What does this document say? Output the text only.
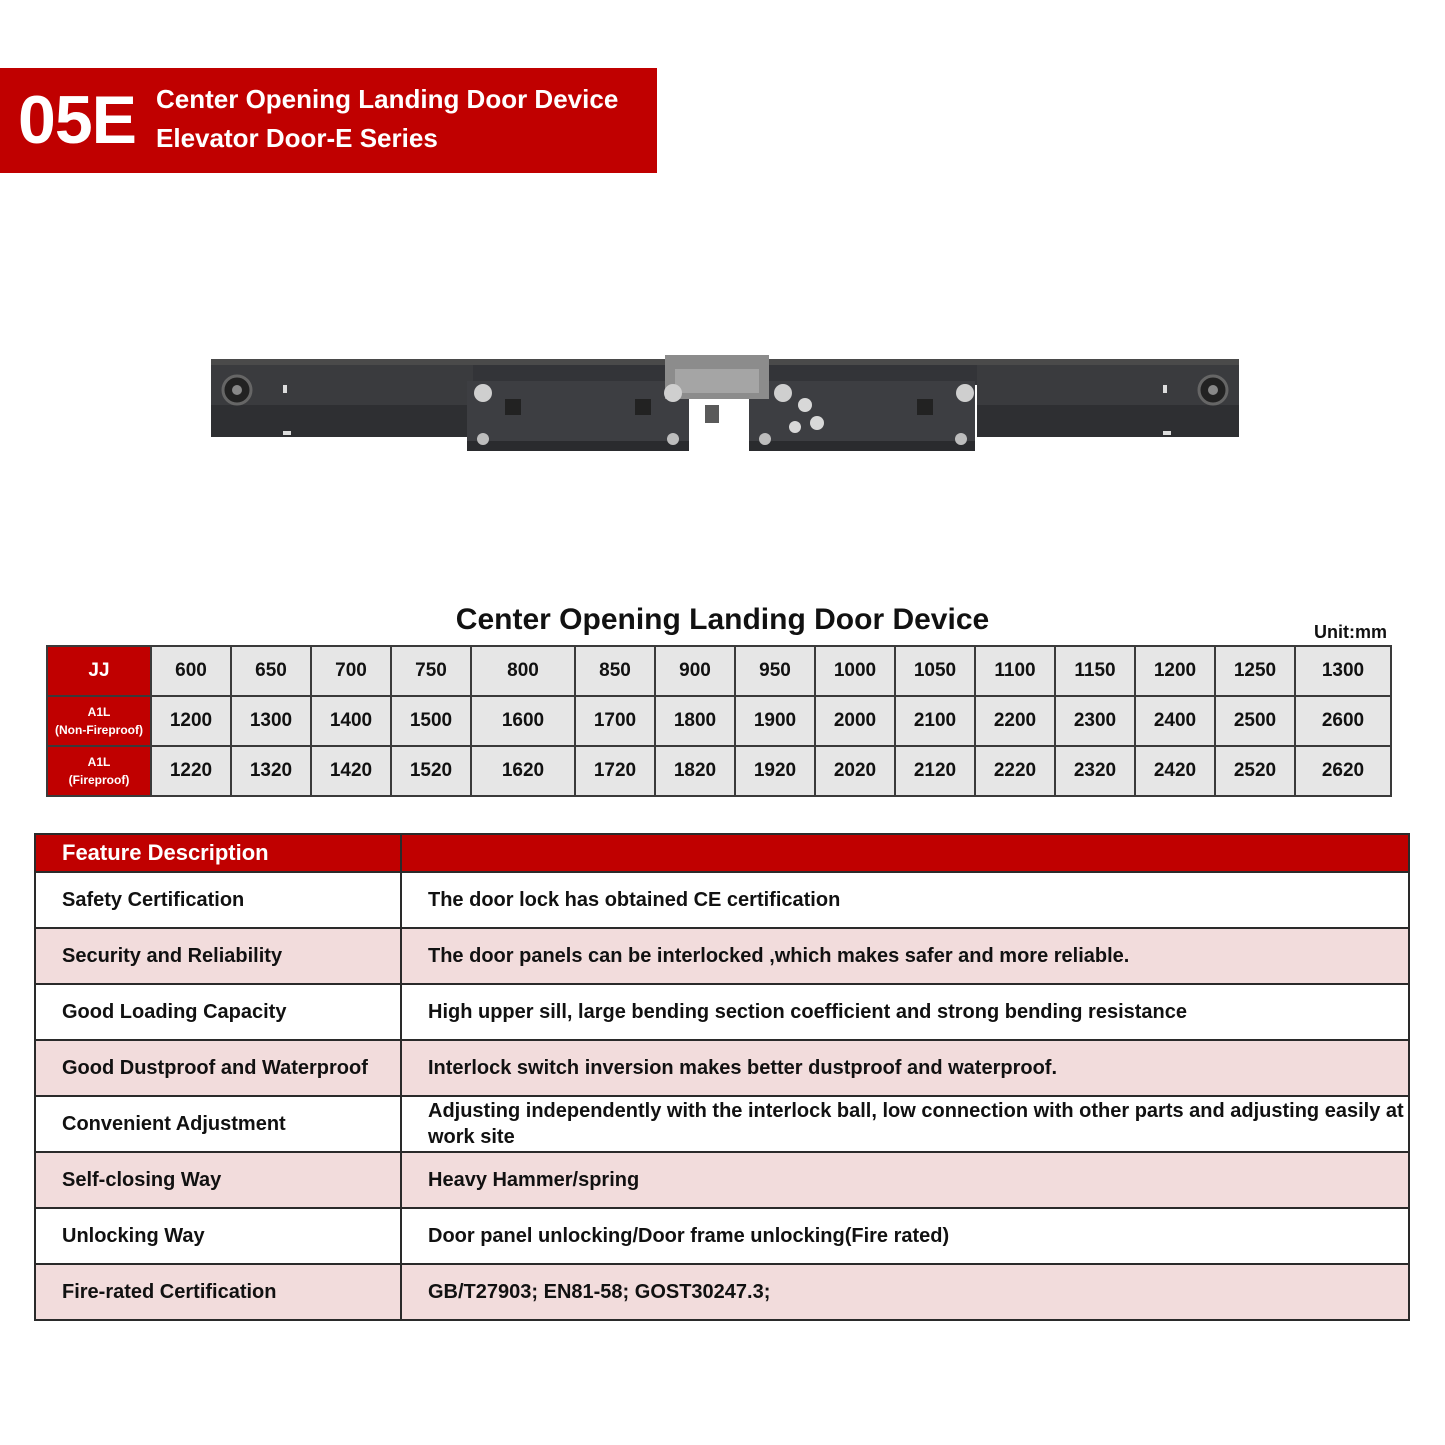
05E Center Opening Landing Door Device
Elevator Door-E Series
Center Opening Landing Door Device	Unit:mm
JJ	600	650	700	750	800	850	900	950	1000	1050	1100	1150	1200	1250	1300
A1L
(Non-Fireproof)	1200	1300	1400	1500	1600	1700	1800	1900	2000	2100	2200	2300	2400	2500	2600
A1L
(Fireproof)	1220	1320	1420	1520	1620	1720	1820	1920	2020	2120	2220	2320	2420	2520	2620
Feature Description	
Safety Certification	The door lock has obtained CE certification
Security and Reliability	The door panels can be interlocked ,which makes safer and more reliable.
Good Loading Capacity	High upper sill, large bending section coefficient and strong bending resistance
Good Dustproof and Waterproof	Interlock switch inversion makes better dustproof and waterproof.
Convenient Adjustment	Adjusting independently with the interlock ball, low connection with other parts and adjusting easily at work site
Self-closing Way	Heavy Hammer/spring
Unlocking Way	Door panel unlocking/Door frame unlocking(Fire rated)
Fire-rated Certification	GB/T27903; EN81-58; GOST30247.3;
